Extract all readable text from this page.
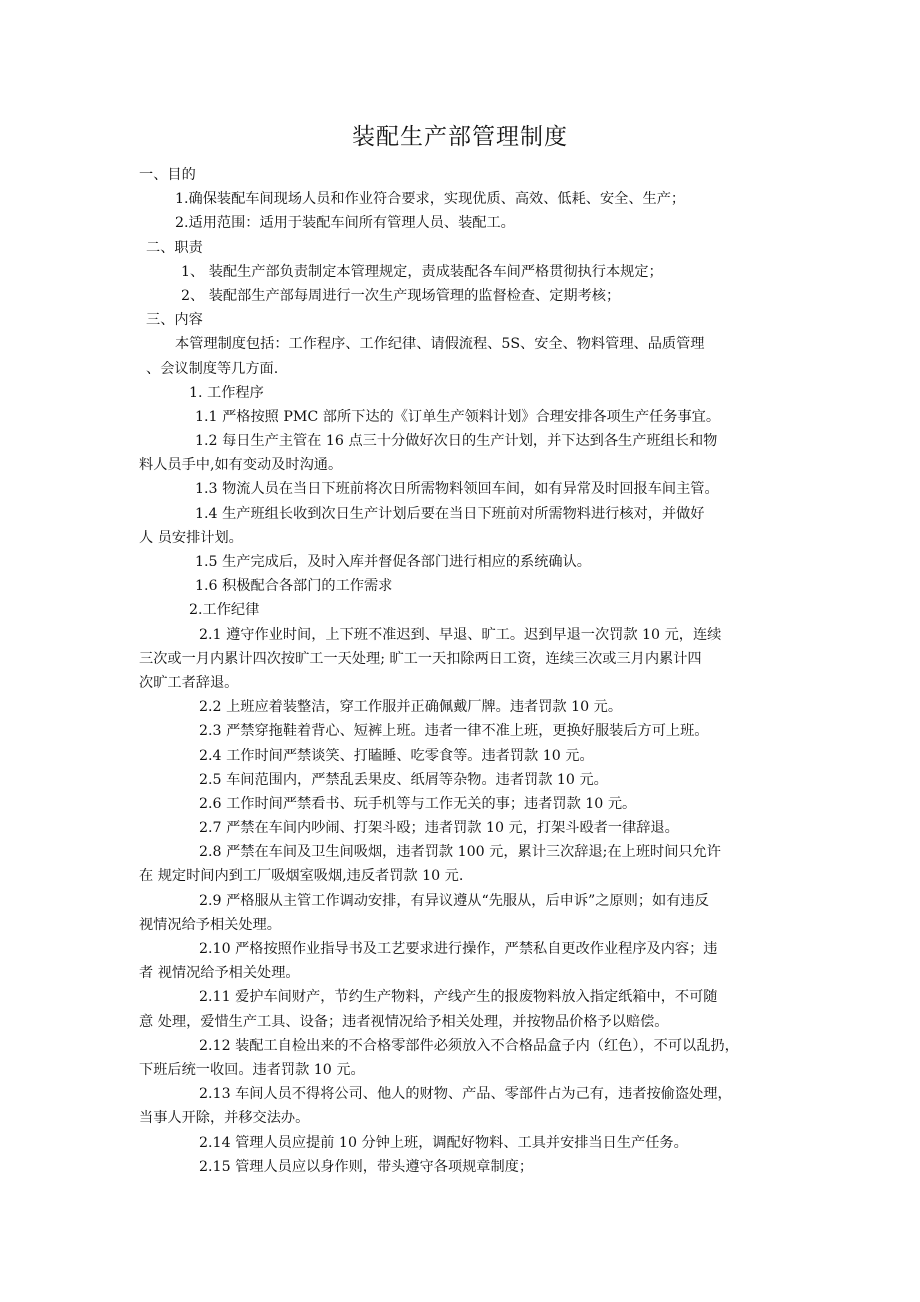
装配生产部管理制度
一、目的
1.确保装配车间现场人员和作业符合要求，实现优质、高效、低耗、安全、生产；
2.适用范围：适用于装配车间所有管理人员、装配工。
二、职责
1、 装配生产部负责制定本管理规定，责成装配各车间严格贯彻执行本规定；
2、 装配部生产部每周进行一次生产现场管理的监督检查、定期考核；
三、内容
本管理制度包括：工作程序、工作纪律、请假流程、5S、安全、物料管理、品质管理
、会议制度等几方面.
1. 工作程序
1.1 严格按照 PMC 部所下达的《订单生产领料计划》合理安排各项生产任务事宜。
1.2 每日生产主管在 16 点三十分做好次日的生产计划，并下达到各生产班组长和物
料人员手中,如有变动及时沟通。
1.3 物流人员在当日下班前将次日所需物料领回车间，如有异常及时回报车间主管。
1.4 生产班组长收到次日生产计划后要在当日下班前对所需物料进行核对，并做好
人 员安排计划。
1.5 生产完成后，及时入库并督促各部门进行相应的系统确认。
1.6 积极配合各部门的工作需求
2.工作纪律
2.1 遵守作业时间，上下班不准迟到、早退、旷工。迟到早退一次罚款 10 元，连续
三次或一月内累计四次按旷工一天处理; 旷工一天扣除两日工资，连续三次或三月内累计四
次旷工者辞退。
2.2 上班应着装整洁，穿工作服并正确佩戴厂牌。违者罚款 10 元。
2.3 严禁穿拖鞋着背心、短裤上班。违者一律不准上班，更换好服装后方可上班。
2.4 工作时间严禁谈笑、打瞌睡、吃零食等。违者罚款 10 元。
2.5 车间范围内，严禁乱丢果皮、纸屑等杂物。违者罚款 10 元。
2.6 工作时间严禁看书、玩手机等与工作无关的事；违者罚款 10 元。
2.7 严禁在车间内吵闹、打架斗殴；违者罚款 10 元，打架斗殴者一律辞退。
2.8 严禁在车间及卫生间吸烟，违者罚款 100 元，累计三次辞退;在上班时间只允许
在 规定时间内到工厂吸烟室吸烟,违反者罚款 10 元.
2.9 严格服从主管工作调动安排，有异议遵从“先服从，后申诉”之原则；如有违反
视情况给予相关处理。
2.10 严格按照作业指导书及工艺要求进行操作，严禁私自更改作业程序及内容；违
者 视情况给予相关处理。
2.11 爱护车间财产，节约生产物料，产线产生的报废物料放入指定纸箱中，不可随
意 处理，爱惜生产工具、设备；违者视情况给予相关处理，并按物品价格予以赔偿。
2.12 装配工自检出来的不合格零部件必须放入不合格品盒子内（红色），不可以乱扔，
下班后统一收回。违者罚款 10 元。
2.13 车间人员不得将公司、他人的财物、产品、零部件占为己有，违者按偷盗处理，
当事人开除，并移交法办。
2.14 管理人员应提前 10 分钟上班，调配好物料、工具并安排当日生产任务。
2.15 管理人员应以身作则，带头遵守各项规章制度；
